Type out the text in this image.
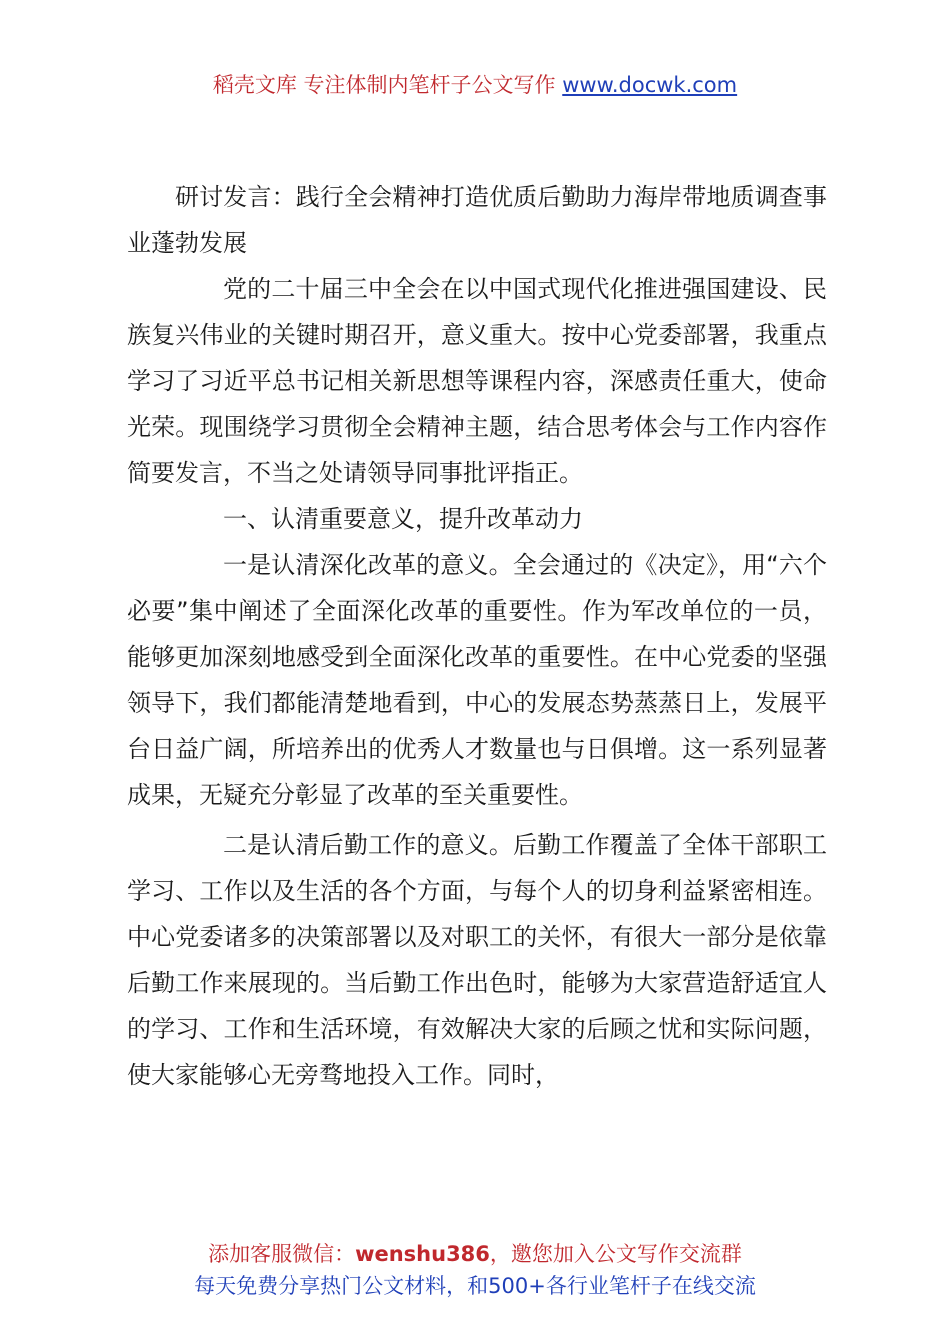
稻壳文库 专注体制内笔杆子公文写作 www.docwk.com

研讨发言：践行全会精神打造优质后勤助力海岸带地质调查事业蓬勃发展

党的二十届三中全会在以中国式现代化推进强国建设、民族复兴伟业的关键时期召开，意义重大。按中心党委部署，我重点学习了习近平总书记相关新思想等课程内容，深感责任重大，使命光荣。现围绕学习贯彻全会精神主题，结合思考体会与工作内容作简要发言，不当之处请领导同事批评指正。

一、认清重要意义，提升改革动力

一是认清深化改革的意义。全会通过的《决定》，用“六个必要”集中阐述了全面深化改革的重要性。作为军改单位的一员，能够更加深刻地感受到全面深化改革的重要性。在中心党委的坚强领导下，我们都能清楚地看到，中心的发展态势蒸蒸日上，发展平台日益广阔，所培养出的优秀人才数量也与日俱增。这一系列显著成果，无疑充分彰显了改革的至关重要性。

二是认清后勤工作的意义。后勤工作覆盖了全体干部职工学习、工作以及生活的各个方面，与每个人的切身利益紧密相连。中心党委诸多的决策部署以及对职工的关怀，有很大一部分是依靠后勤工作来展现的。当后勤工作出色时，能够为大家营造舒适宜人的学习、工作和生活环境，有效解决大家的后顾之忧和实际问题，使大家能够心无旁骛地投入工作。同时，

添加客服微信：wenshu386，邀您加入公文写作交流群
每天免费分享热门公文材料，和500+各行业笔杆子在线交流
